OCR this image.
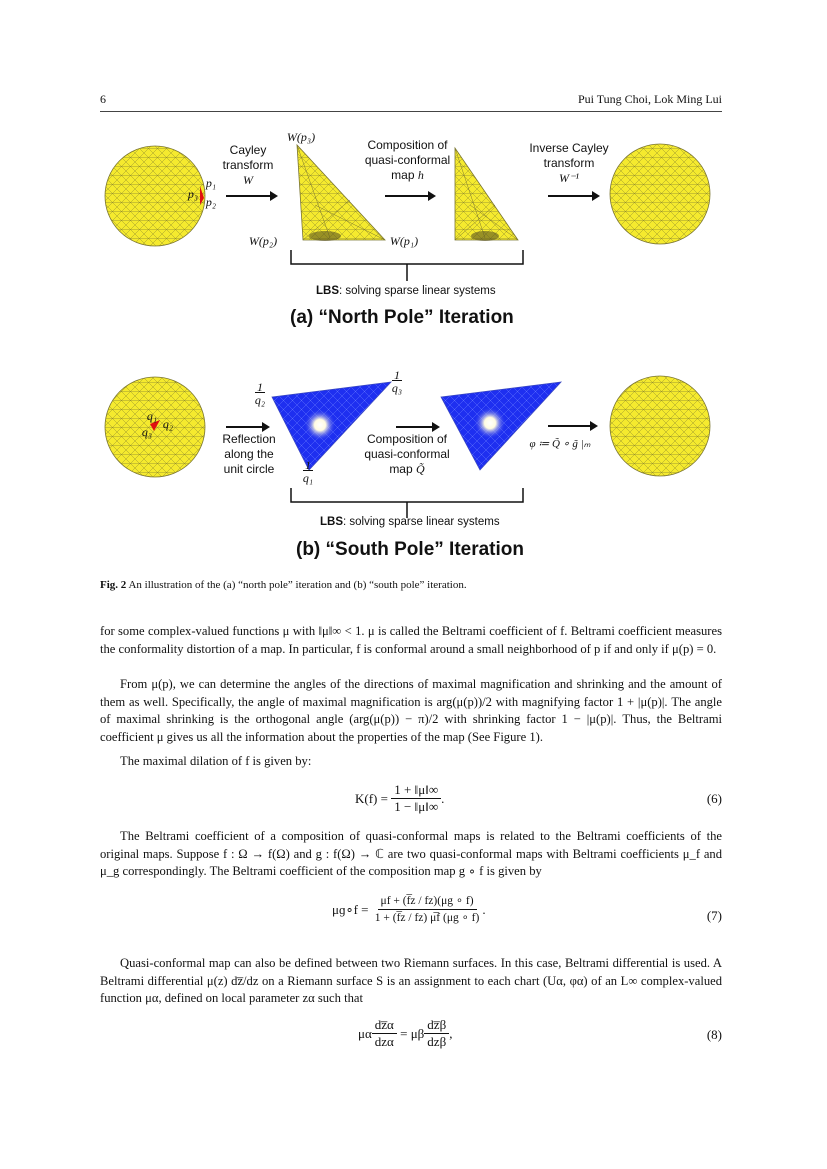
6	Pui Tung Choi, Lok Ming Lui
Cayley transform
W
Composition of quasi-conformal map h
Inverse Cayley transform
W⁻¹
p₁
p₃
p₂
W(p₃)
W(p₂)	W(p₁)
LBS: solving sparse linear systems
(a) “North Pole” Iteration
1
q₂
1
q₃
1
q₁
q₁
q₂
q₃	Reflection along the unit circle
Composition of quasi-conformal map Q̃
φ ≔ Q̃ ∘ g̃ |ₘ
LBS: solving sparse linear systems
(b) “South Pole” Iteration
Fig. 2 An illustration of the (a) “north pole” iteration and (b) “south pole” iteration.

for some complex-valued functions μ with ‖μ‖∞ < 1. μ is called the Beltrami coefficient of f. Beltrami coefficient measures the conformality distortion of a map. In particular, f is conformal around a small neighborhood of p if and only if μ(p) = 0.

From μ(p), we can determine the angles of the directions of maximal magnification and shrinking and the amount of them as well. Specifically, the angle of maximal magnification is arg(μ(p))/2 with magnifying factor 1 + |μ(p)|. The angle of maximal shrinking is the orthogonal angle (arg(μ(p)) − π)/2 with shrinking factor 1 − |μ(p)|. Thus, the Beltrami coefficient μ gives us all the information about the properties of the map (See Figure 1).

The maximal dilation of f is given by:

K(f) =
$\frac{1 + ‖\mu‖\infty}{1 - ‖\mu‖\infty}$ .	(6)

The Beltrami coefficient of a composition of quasi-conformal maps is related to the Beltrami coefficients of the original maps. Suppose f : Ω → f(Ω) and g : f(Ω) → ℂ are two quasi-conformal maps with Beltrami coefficients μ_f and μ_g correspondingly. The Beltrami coefficient of the composition map g ∘ f is given by

μɡ∘f =
$\frac{\mu f + (f̅z / fz)(\mu g \circ f)}{1 + (f̅z / fz) \mu̅f (\mu g \circ f)}$ .	(7)

Quasi-conformal map can also be defined between two Riemann surfaces. In this case, Beltrami differential is used. A Beltrami differential μ(z) dz̅/dz on a Riemann surface S is an assignment to each chart (Uα, φα) of an L∞ complex-valued function μα, defined on local parameter zα such that

μα $\frac{dz̅\alpha}{\text{dzα}}$
= μβ $\frac{dz̅\beta}{\text{dzβ}}$ ,	(8)
